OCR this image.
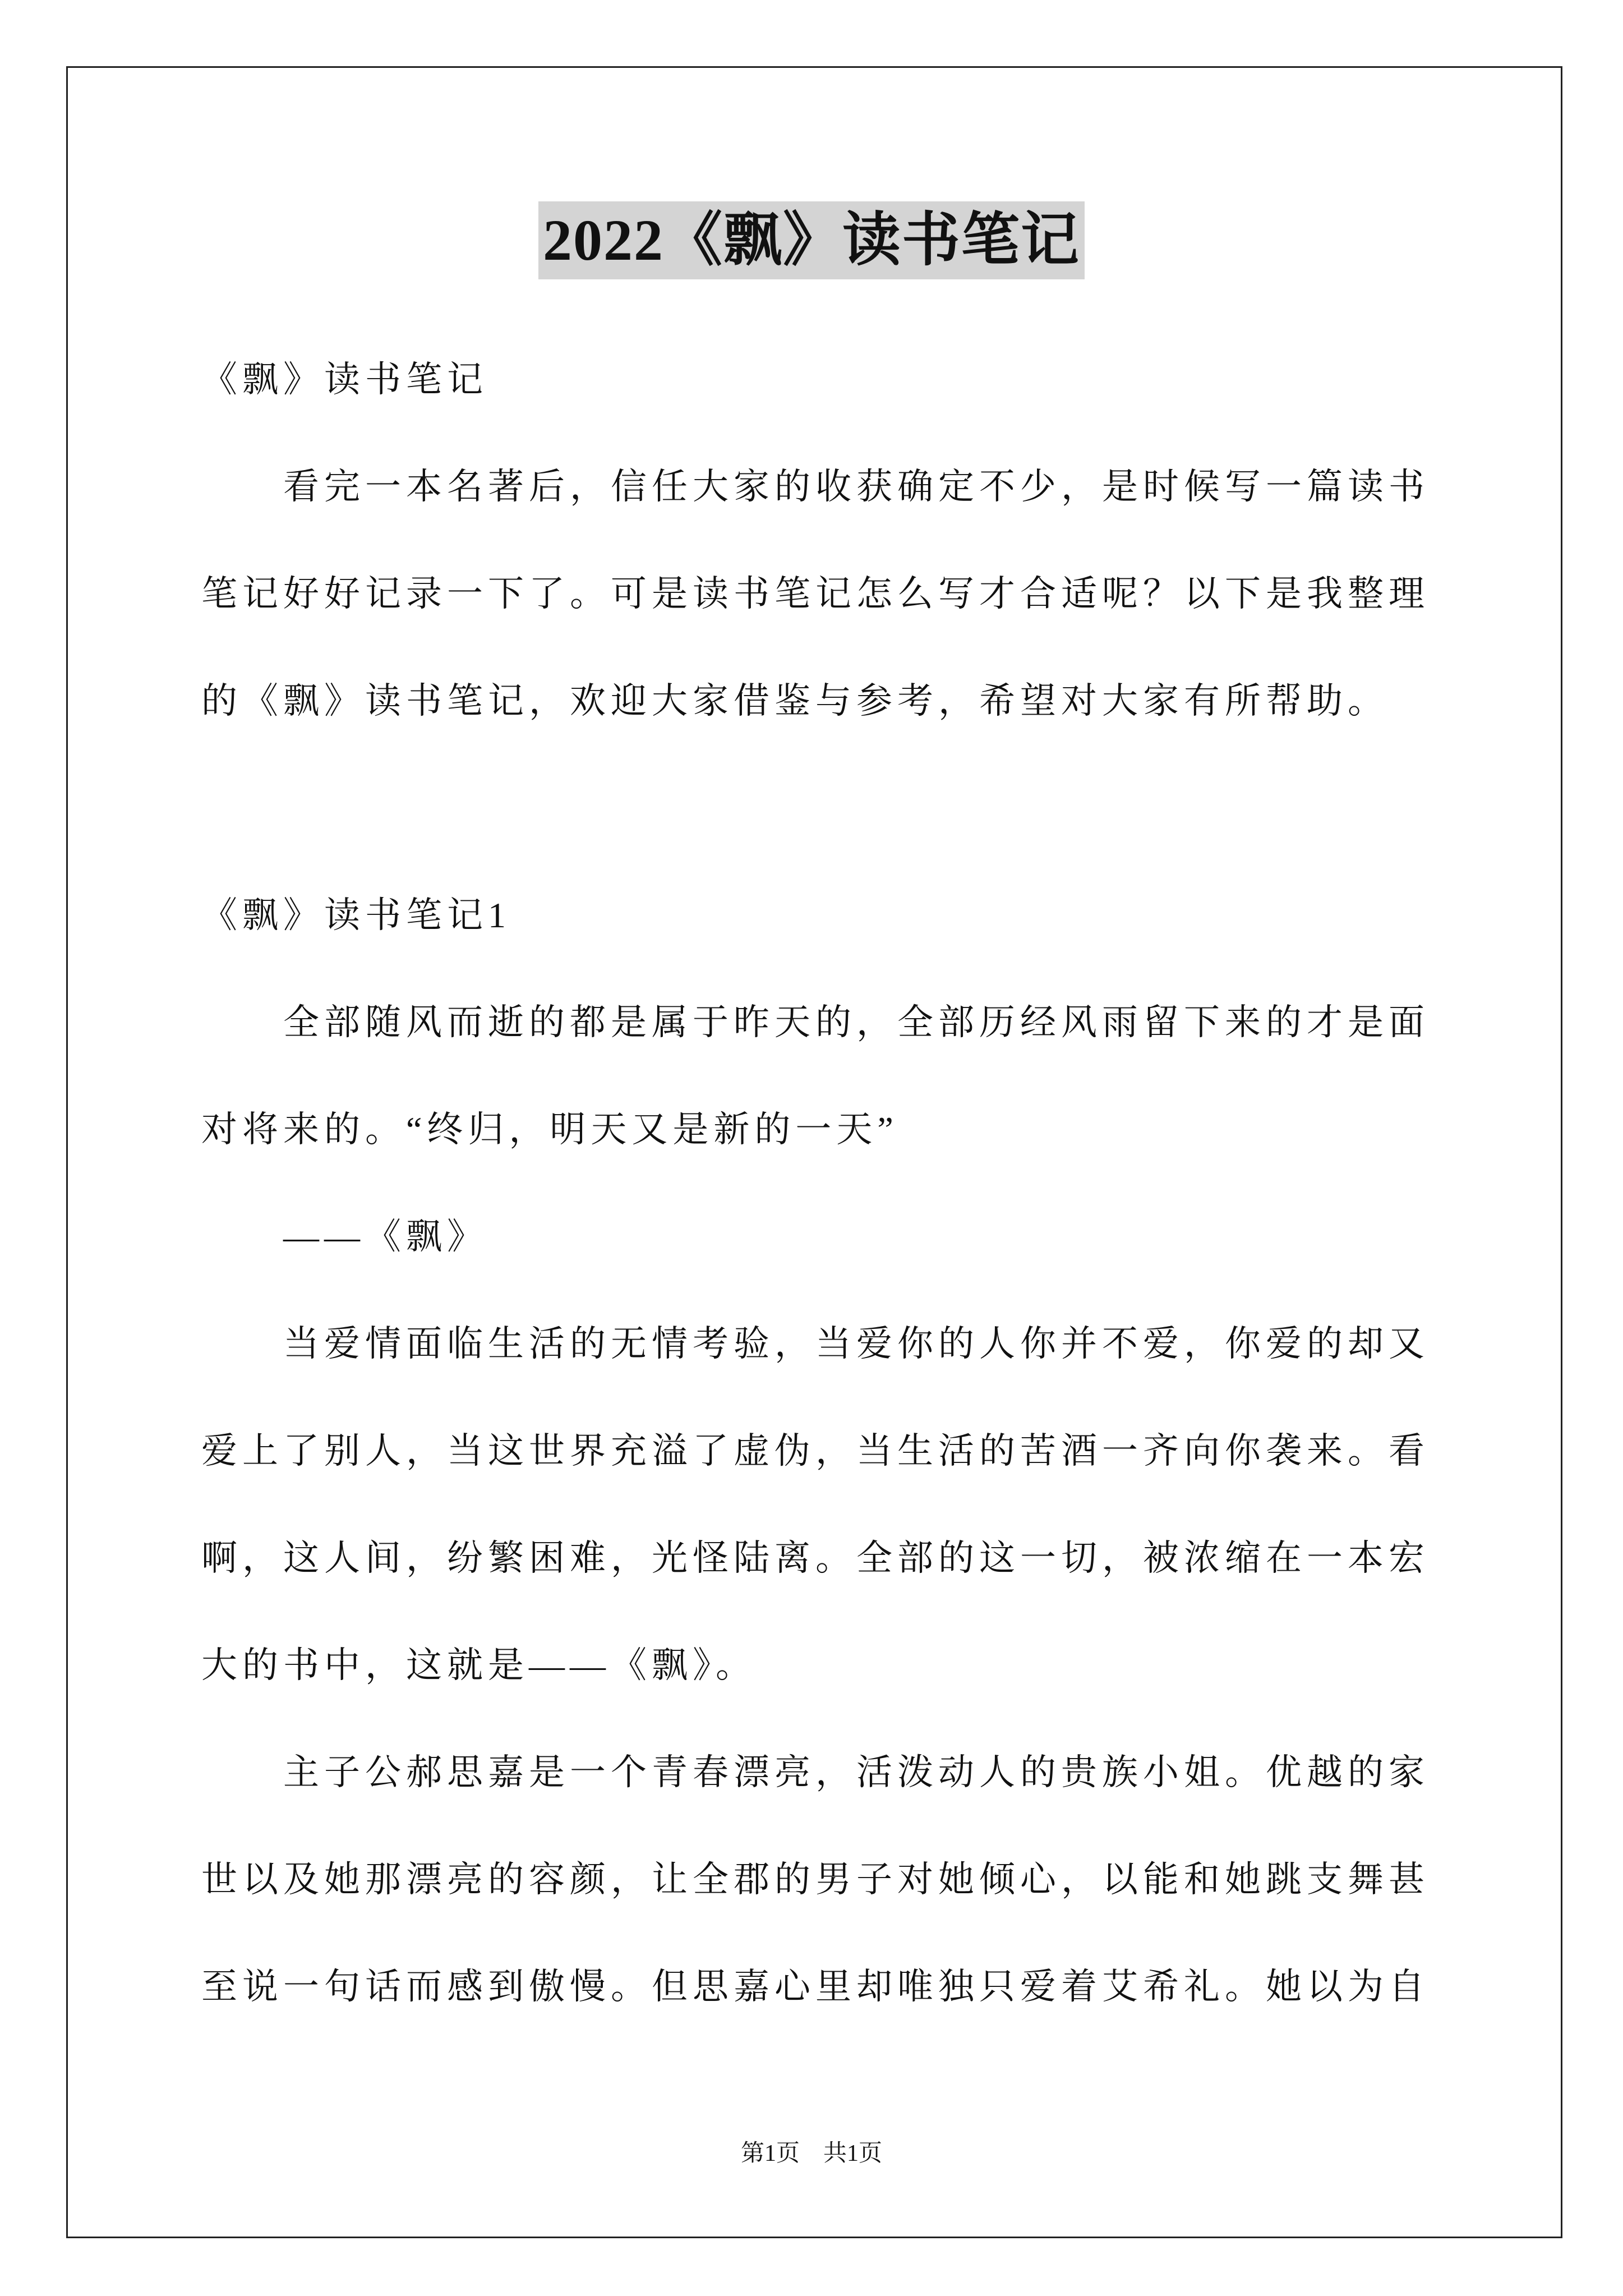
2022《飘》读书笔记
《飘》读书笔记
看完一本名著后，信任大家的收获确定不少，是时候写一篇读书
笔记好好记录一下了。可是读书笔记怎么写才合适呢？以下是我整理
的《飘》读书笔记，欢迎大家借鉴与参考，希望对大家有所帮助。
《飘》读书笔记1
全部随风而逝的都是属于昨天的，全部历经风雨留下来的才是面
对将来的。“终归，明天又是新的一天”
——《飘》
当爱情面临生活的无情考验，当爱你的人你并不爱，你爱的却又
爱上了别人，当这世界充溢了虚伪，当生活的苦酒一齐向你袭来。看
啊，这人间，纷繁困难，光怪陆离。全部的这一切，被浓缩在一本宏
大的书中，这就是——《飘》。
主子公郝思嘉是一个青春漂亮，活泼动人的贵族小姐。优越的家
世以及她那漂亮的容颜，让全郡的男子对她倾心，以能和她跳支舞甚
至说一句话而感到傲慢。但思嘉心里却唯独只爱着艾希礼。她以为自
第1页 共1页
